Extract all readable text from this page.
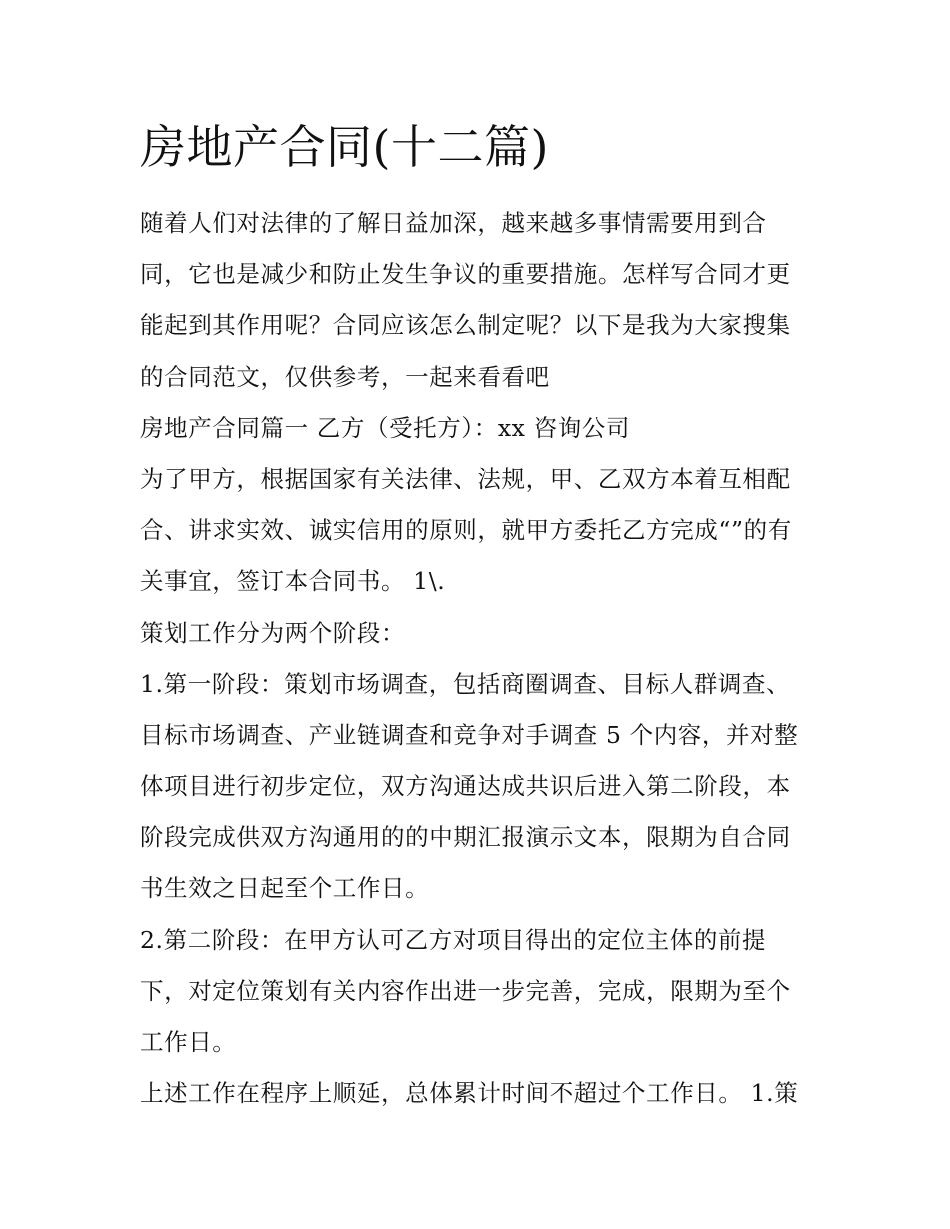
房地产合同(十二篇)
随着人们对法律的了解日益加深，越来越多事情需要用到合
同，它也是减少和防止发生争议的重要措施。怎样写合同才更
能起到其作用呢？合同应该怎么制定呢？以下是我为大家搜集
的合同范文，仅供参考，一起来看看吧
房地产合同篇一 乙方（受托方）：xx 咨询公司
为了甲方，根据国家有关法律、法规，甲、乙双方本着互相配
合、讲求实效、诚实信用的原则，就甲方委托乙方完成“”的有
关事宜，签订本合同书。 1\.
策划工作分为两个阶段：
1.第一阶段：策划市场调查，包括商圈调查、目标人群调查、
目标市场调查、产业链调查和竞争对手调查 5 个内容，并对整
体项目进行初步定位，双方沟通达成共识后进入第二阶段，本
阶段完成供双方沟通用的的中期汇报演示文本，限期为自合同
书生效之日起至个工作日。
2.第二阶段：在甲方认可乙方对项目得出的定位主体的前提
下，对定位策划有关内容作出进一步完善，完成，限期为至个
工作日。
上述工作在程序上顺延，总体累计时间不超过个工作日。 1.策
